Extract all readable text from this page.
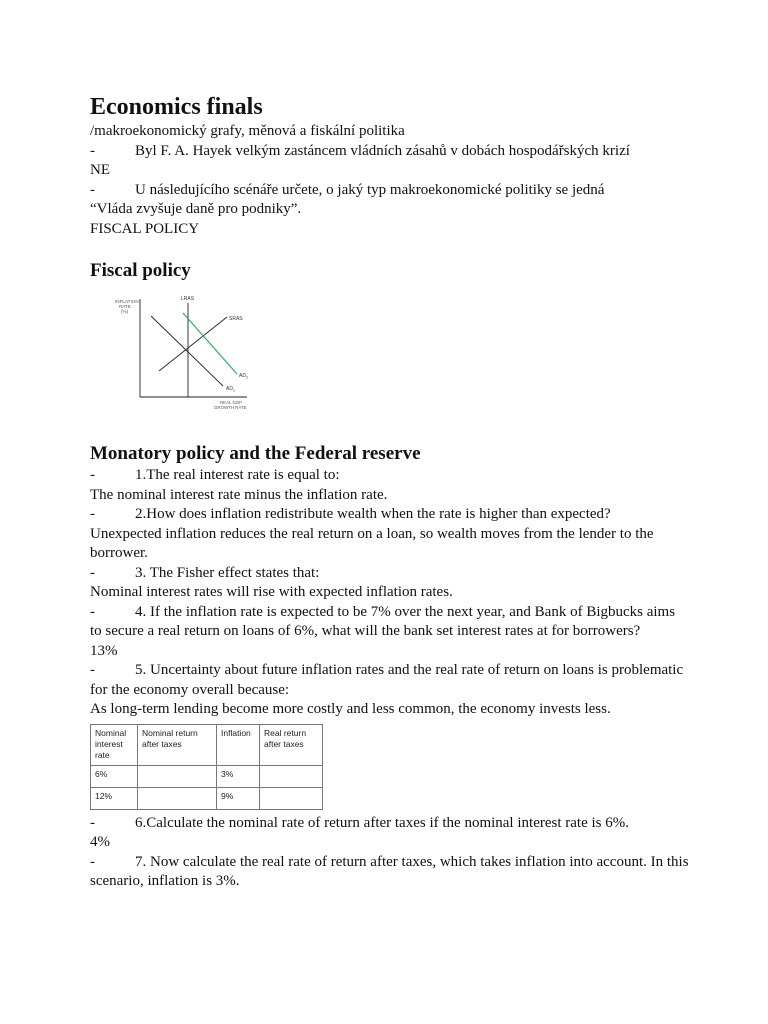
Economics finals
/makroekonomický grafy, měnová a fiskální politika
-	Byl F. A. Hayek velkým zastáncem vládních zásahů v dobách hospodářských krizí
NE
-	U následujícího scénáře určete, o jaký typ makroekonomické politiky se jedná
“Vláda zvyšuje daně pro podniky”.
FISCAL POLICY
Fiscal policy
INFLATION
RATE
(%)
LRAS
SRAS
$AD_2$
$AD_1$
REAL GDP
GROWTH RATE
Monatory policy and the Federal reserve
-	1.The real interest rate is equal to:
The nominal interest rate minus the inflation rate.
-	2.How does inflation redistribute wealth when the rate is higher than expected?
Unexpected inflation reduces the real return on a loan, so wealth moves from the lender to the borrower.
-	3. The Fisher effect states that:
Nominal interest rates will rise with expected inflation rates.
-	4. If the inflation rate is expected to be 7% over the next year, and Bank of Bigbucks aims to secure a real return on loans of 6%, what will the bank set interest rates at for borrowers?
13%
-	5. Uncertainty about future inflation rates and the real rate of return on loans is problematic for the economy overall because:
As long-term lending become more costly and less common, the economy invests less.
Nominal interest rate	Nominal return after taxes	Inflation	Real return after taxes
6%		3%	
12%		9%	
-	6.Calculate the nominal rate of return after taxes if the nominal interest rate is 6%.
4%
-	7. Now calculate the real rate of return after taxes, which takes inflation into account. In this scenario, inflation is 3%.
